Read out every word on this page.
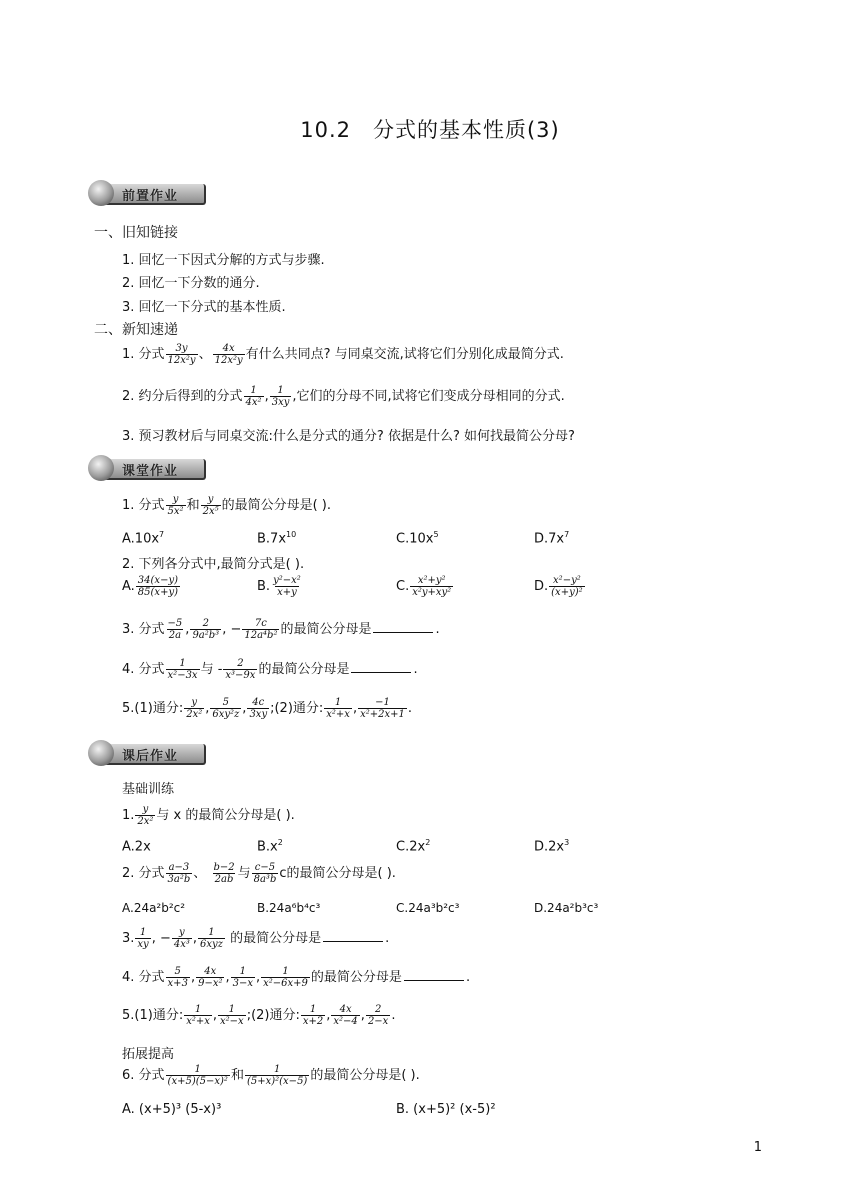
10.2　分式的基本性质(3)
前置作业
一、旧知链接
1. 回忆一下因式分解的方式与步骤.
2. 回忆一下分数的通分.
3. 回忆一下分式的基本性质.
二、新知速递
1. 分式 $\frac{3y}{\text{12x²y}}$ 、 $\frac{4x}{\text{12x²y}}$ 有什么共同点? 与同桌交流,试将它们分别化成最简分式.
2. 约分后得到的分式 $\frac{1}{\text{4x²}}$ , $\frac{1}{3xy}$ ,它们的分母不同,试将它们变成分母相同的分式.
3. 预习教材后与同桌交流:什么是分式的通分? 依据是什么? 如何找最简公分母?
课堂作业
1. 分式 $\frac{y}{\text{5x²}}$ 和 $\frac{y}{\text{2x⁵}}$ 的最简公分母是( ).
$A.10x^7$	$B.7x^{10}$	$C.10x^5$	$D.7x^7$
2. 下列各分式中,最简分式是( ).
A. $\frac{34(x-y)}{85(x+y)}$	B. $\frac{\text{y²−x²}}{x+y}$	C. $\frac{\text{x²+y²}}{\text{x²y+xy²}}$	D. $\frac{\text{x²−y²}}{\text{(x+y)²}}$
3. 分式 $\frac{-5}{2a}$ , $\frac{2}{\text{9a²b³}}$ , − $\frac{7c}{\text{12a⁴b²}}$ 的最简公分母是	.
4. 分式 $\frac{1}{\text{x²−3x}}$ 与 - $\frac{2}{\text{x³−9x}}$ 的最简公分母是	.
5.(1)通分: $\frac{y}{\text{2x²}}$ , $\frac{5}{\text{6xy²z}}$ , $\frac{4c}{3xy}$ ;(2)通分: $\frac{1}{\text{x²+x}}$ , $\frac{-1}{\text{x²+2x+1}}$ .
课后作业
基础训练
1. $\frac{y}{\text{2x²}}$ 与 x 的最简公分母是( ).
A.2x	$B.x^2$	$C.2x^2$	$D.2x^3$
2. 分式 $\frac{a-3}{\text{3a²b}}$ 、 $\frac{b-2}{2ab}$ 与 $\frac{c-5}{\text{8a³b}}$ c的最简公分母是( ).
A.24a²b²c²	B.24a⁶b⁴c³	C.24a³b²c³	D.24a²b³c³
3. $\frac{1}{xy}$ , − $\frac{y}{\text{4x³}}$ , $\frac{1}{\text{6xyz}}$ 的最简公分母是	.
4. 分式 $\frac{5}{x+3}$ , $\frac{4x}{\text{9−x²}}$ , $\frac{1}{3-x}$ , $\frac{1}{\text{x²−6x+9}}$ 的最简公分母是	.
5.(1)通分: $\frac{1}{\text{x²+x}}$ , $\frac{1}{\text{x²−x}}$ ;(2)通分: $\frac{1}{x+2}$ , $\frac{4x}{\text{x²−4}}$ , $\frac{2}{2-x}$ .
拓展提高
6. 分式 $\frac{1}{\text{(x+5)(5−x)²}}$ 和 $\frac{1}{\text{(5+x)²(x−5)}}$ 的最简公分母是( ).
A. (x+5)³ (5-x)³	B. (x+5)² (x-5)²
1
